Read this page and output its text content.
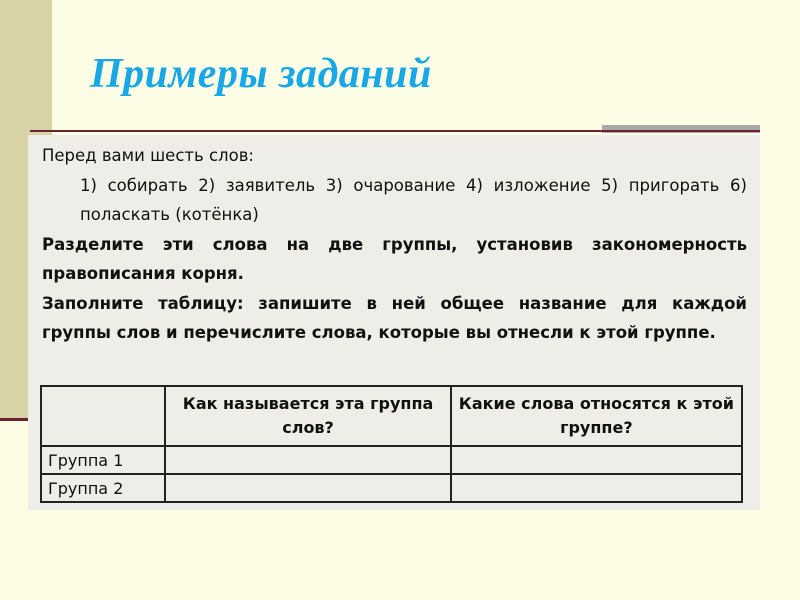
Примеры заданий

Перед вами шесть слов:

1) собирать 2) заявитель 3) очарование 4) изложение 5) пригорать 6) поласкать (котёнка)

Разделите эти слова на две группы, установив закономерность правописания корня.

Заполните таблицу: запишите в ней общее название для каждой группы слов и перечислите слова, которые вы отнесли к этой группе.

	Как называется эта группа слов?	Какие слова относятся к этой группе?
Группа 1		
Группа 2		
